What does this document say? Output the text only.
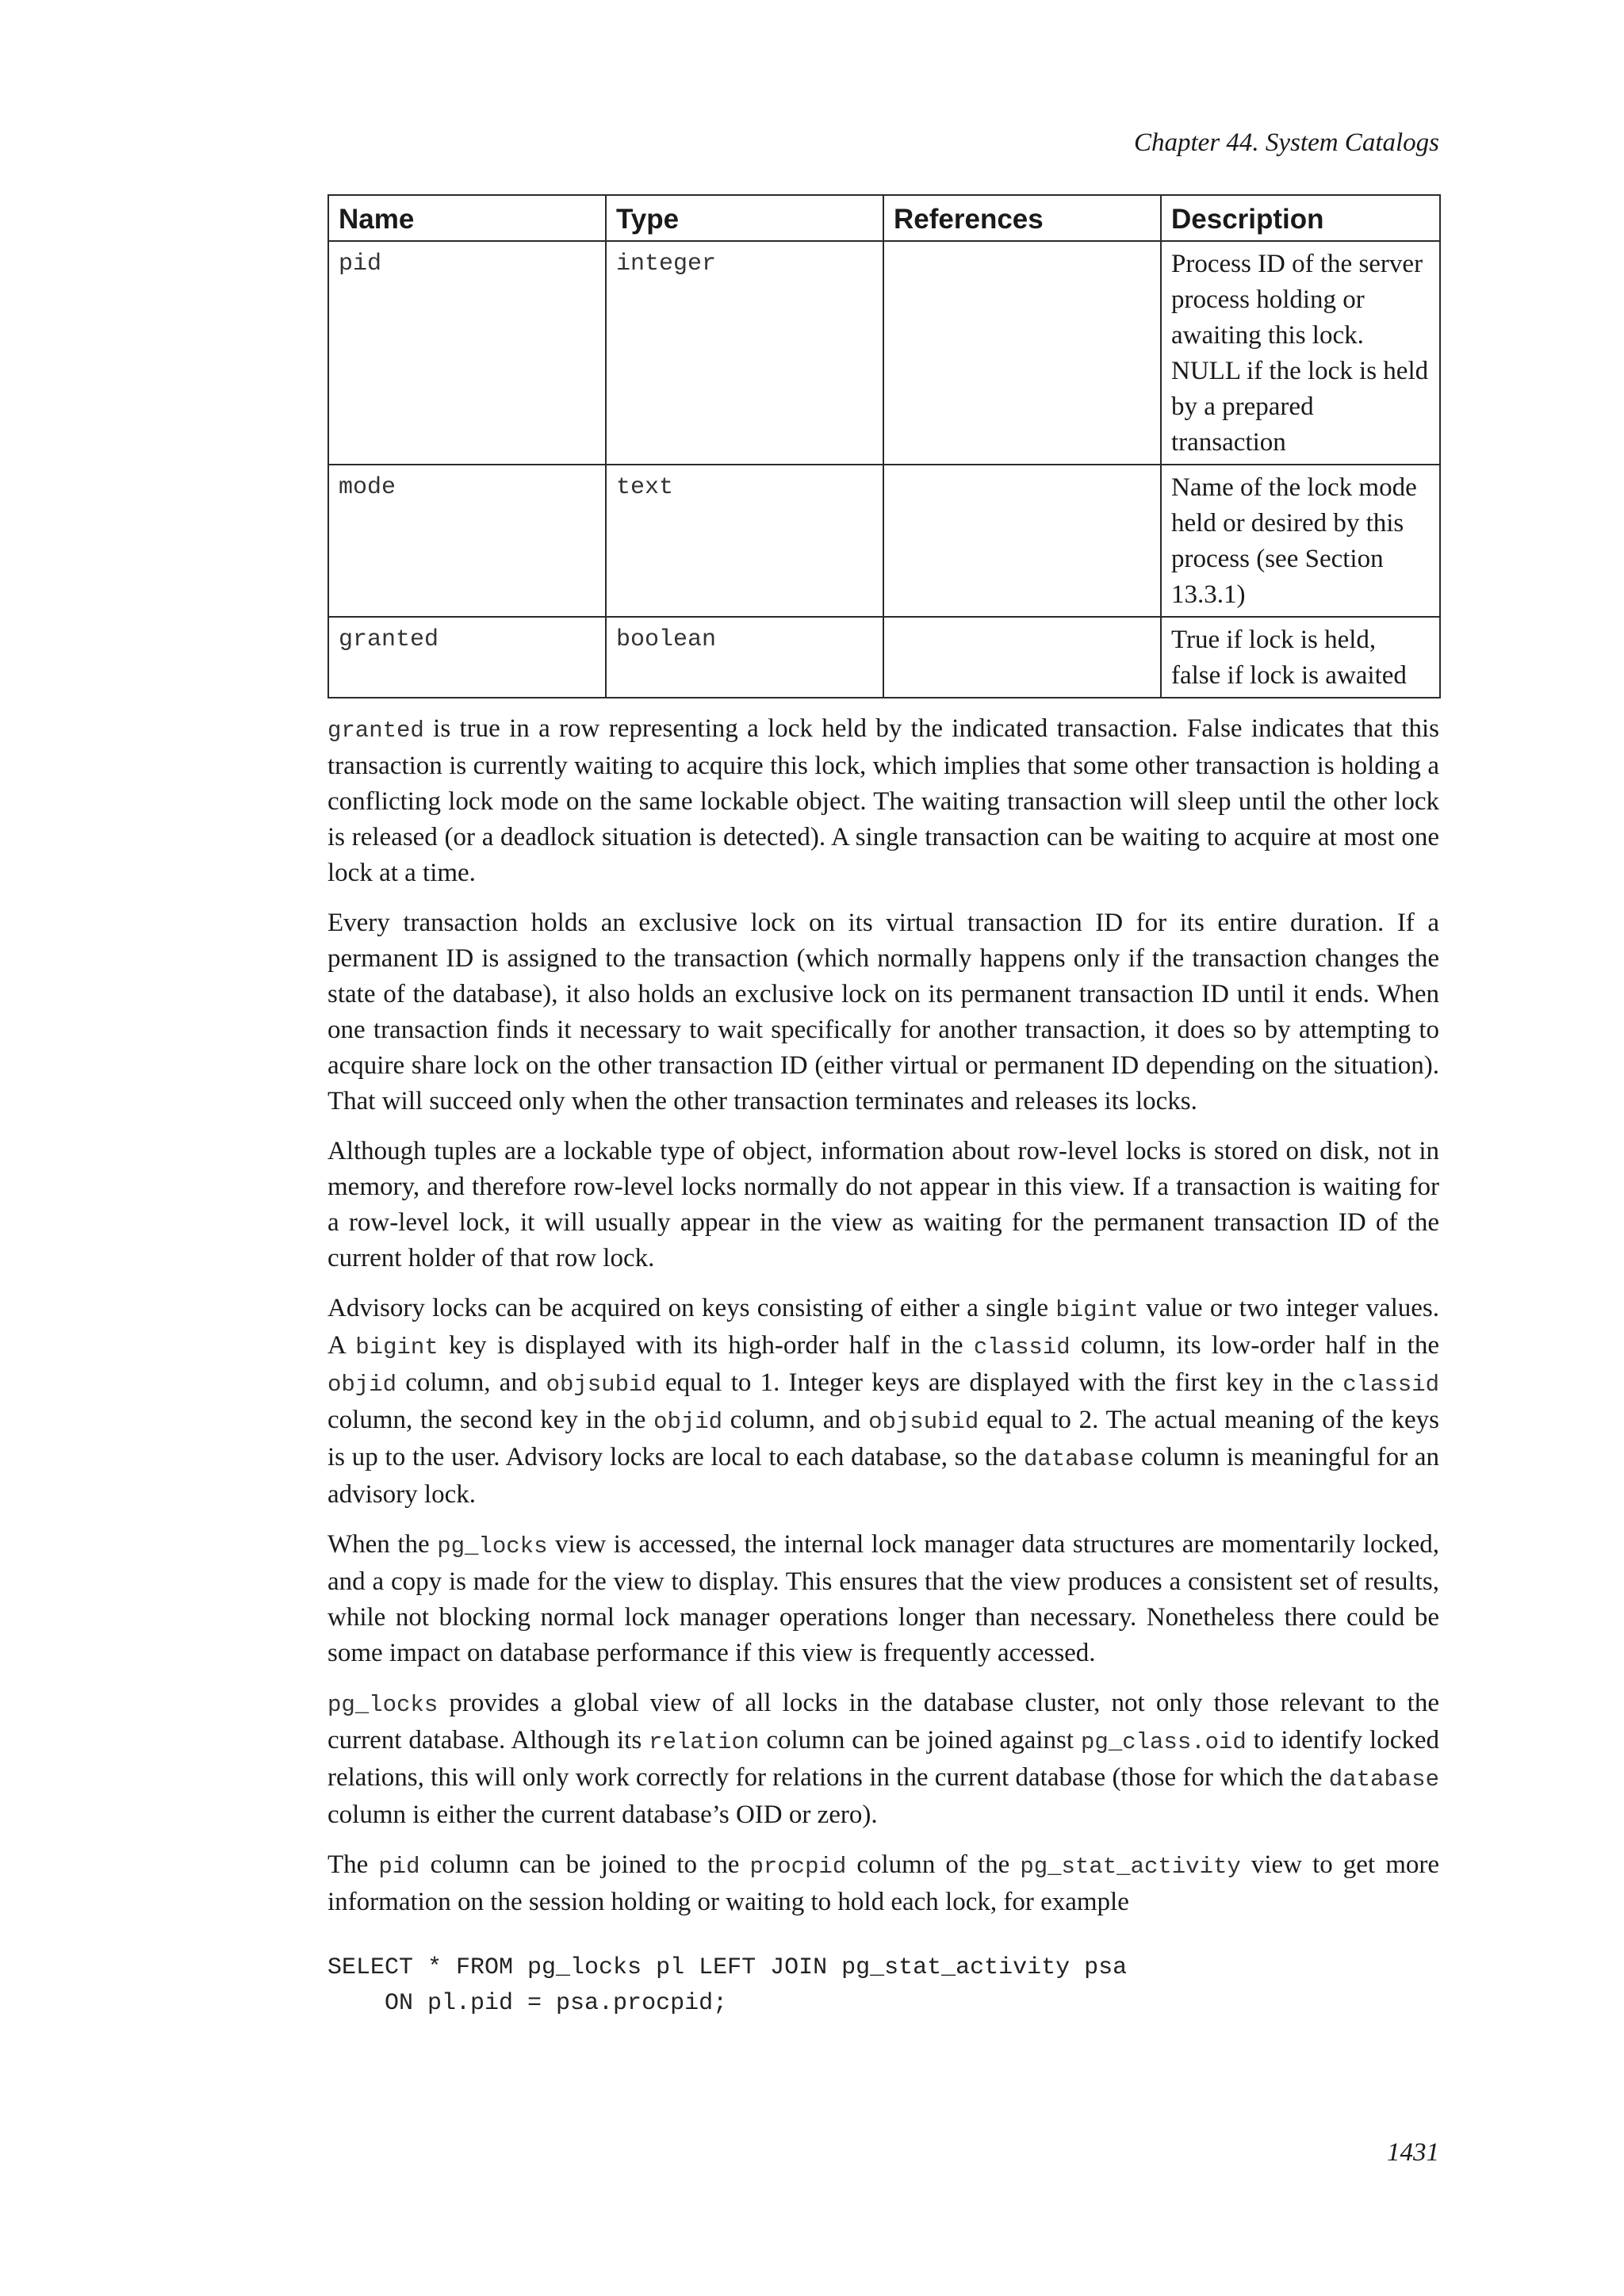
Chapter 44. System Catalogs
Name	Type	References	Description
pid	integer		Process ID of the server process holding or awaiting this lock. NULL if the lock is held by a prepared transaction
mode	text		Name of the lock mode held or desired by this process (see Section 13.3.1)
granted	boolean		True if lock is held, false if lock is awaited

granted is true in a row representing a lock held by the indicated transaction. False indicates that this transaction is currently waiting to acquire this lock, which implies that some other transaction is holding a conflicting lock mode on the same lockable object. The waiting transaction will sleep until the other lock is released (or a deadlock situation is detected). A single transaction can be waiting to acquire at most one lock at a time.

Every transaction holds an exclusive lock on its virtual transaction ID for its entire duration. If a permanent ID is assigned to the transaction (which normally happens only if the transaction changes the state of the database), it also holds an exclusive lock on its permanent transaction ID until it ends. When one transaction finds it necessary to wait specifically for another transaction, it does so by attempting to acquire share lock on the other transaction ID (either virtual or permanent ID depending on the situation). That will succeed only when the other transaction terminates and releases its locks.

Although tuples are a lockable type of object, information about row-level locks is stored on disk, not in memory, and therefore row-level locks normally do not appear in this view. If a transaction is waiting for a row-level lock, it will usually appear in the view as waiting for the permanent transaction ID of the current holder of that row lock.

Advisory locks can be acquired on keys consisting of either a single bigint value or two integer values. A bigint key is displayed with its high-order half in the classid column, its low-order half in the objid column, and objsubid equal to 1. Integer keys are displayed with the first key in the classid column, the second key in the objid column, and objsubid equal to 2. The actual meaning of the keys is up to the user. Advisory locks are local to each database, so the database column is meaningful for an advisory lock.

When the pg_locks view is accessed, the internal lock manager data structures are momentarily locked, and a copy is made for the view to display. This ensures that the view produces a consistent set of results, while not blocking normal lock manager operations longer than necessary. Nonetheless there could be some impact on database performance if this view is frequently accessed.

pg_locks provides a global view of all locks in the database cluster, not only those relevant to the current database. Although its relation column can be joined against pg_class.oid to identify locked relations, this will only work correctly for relations in the current database (those for which the database column is either the current database’s OID or zero).

The pid column can be joined to the procpid column of the pg_stat_activity view to get more information on the session holding or waiting to hold each lock, for example

SELECT * FROM pg_locks pl LEFT JOIN pg_stat_activity psa
ON pl.pid = psa.procpid;
1431
